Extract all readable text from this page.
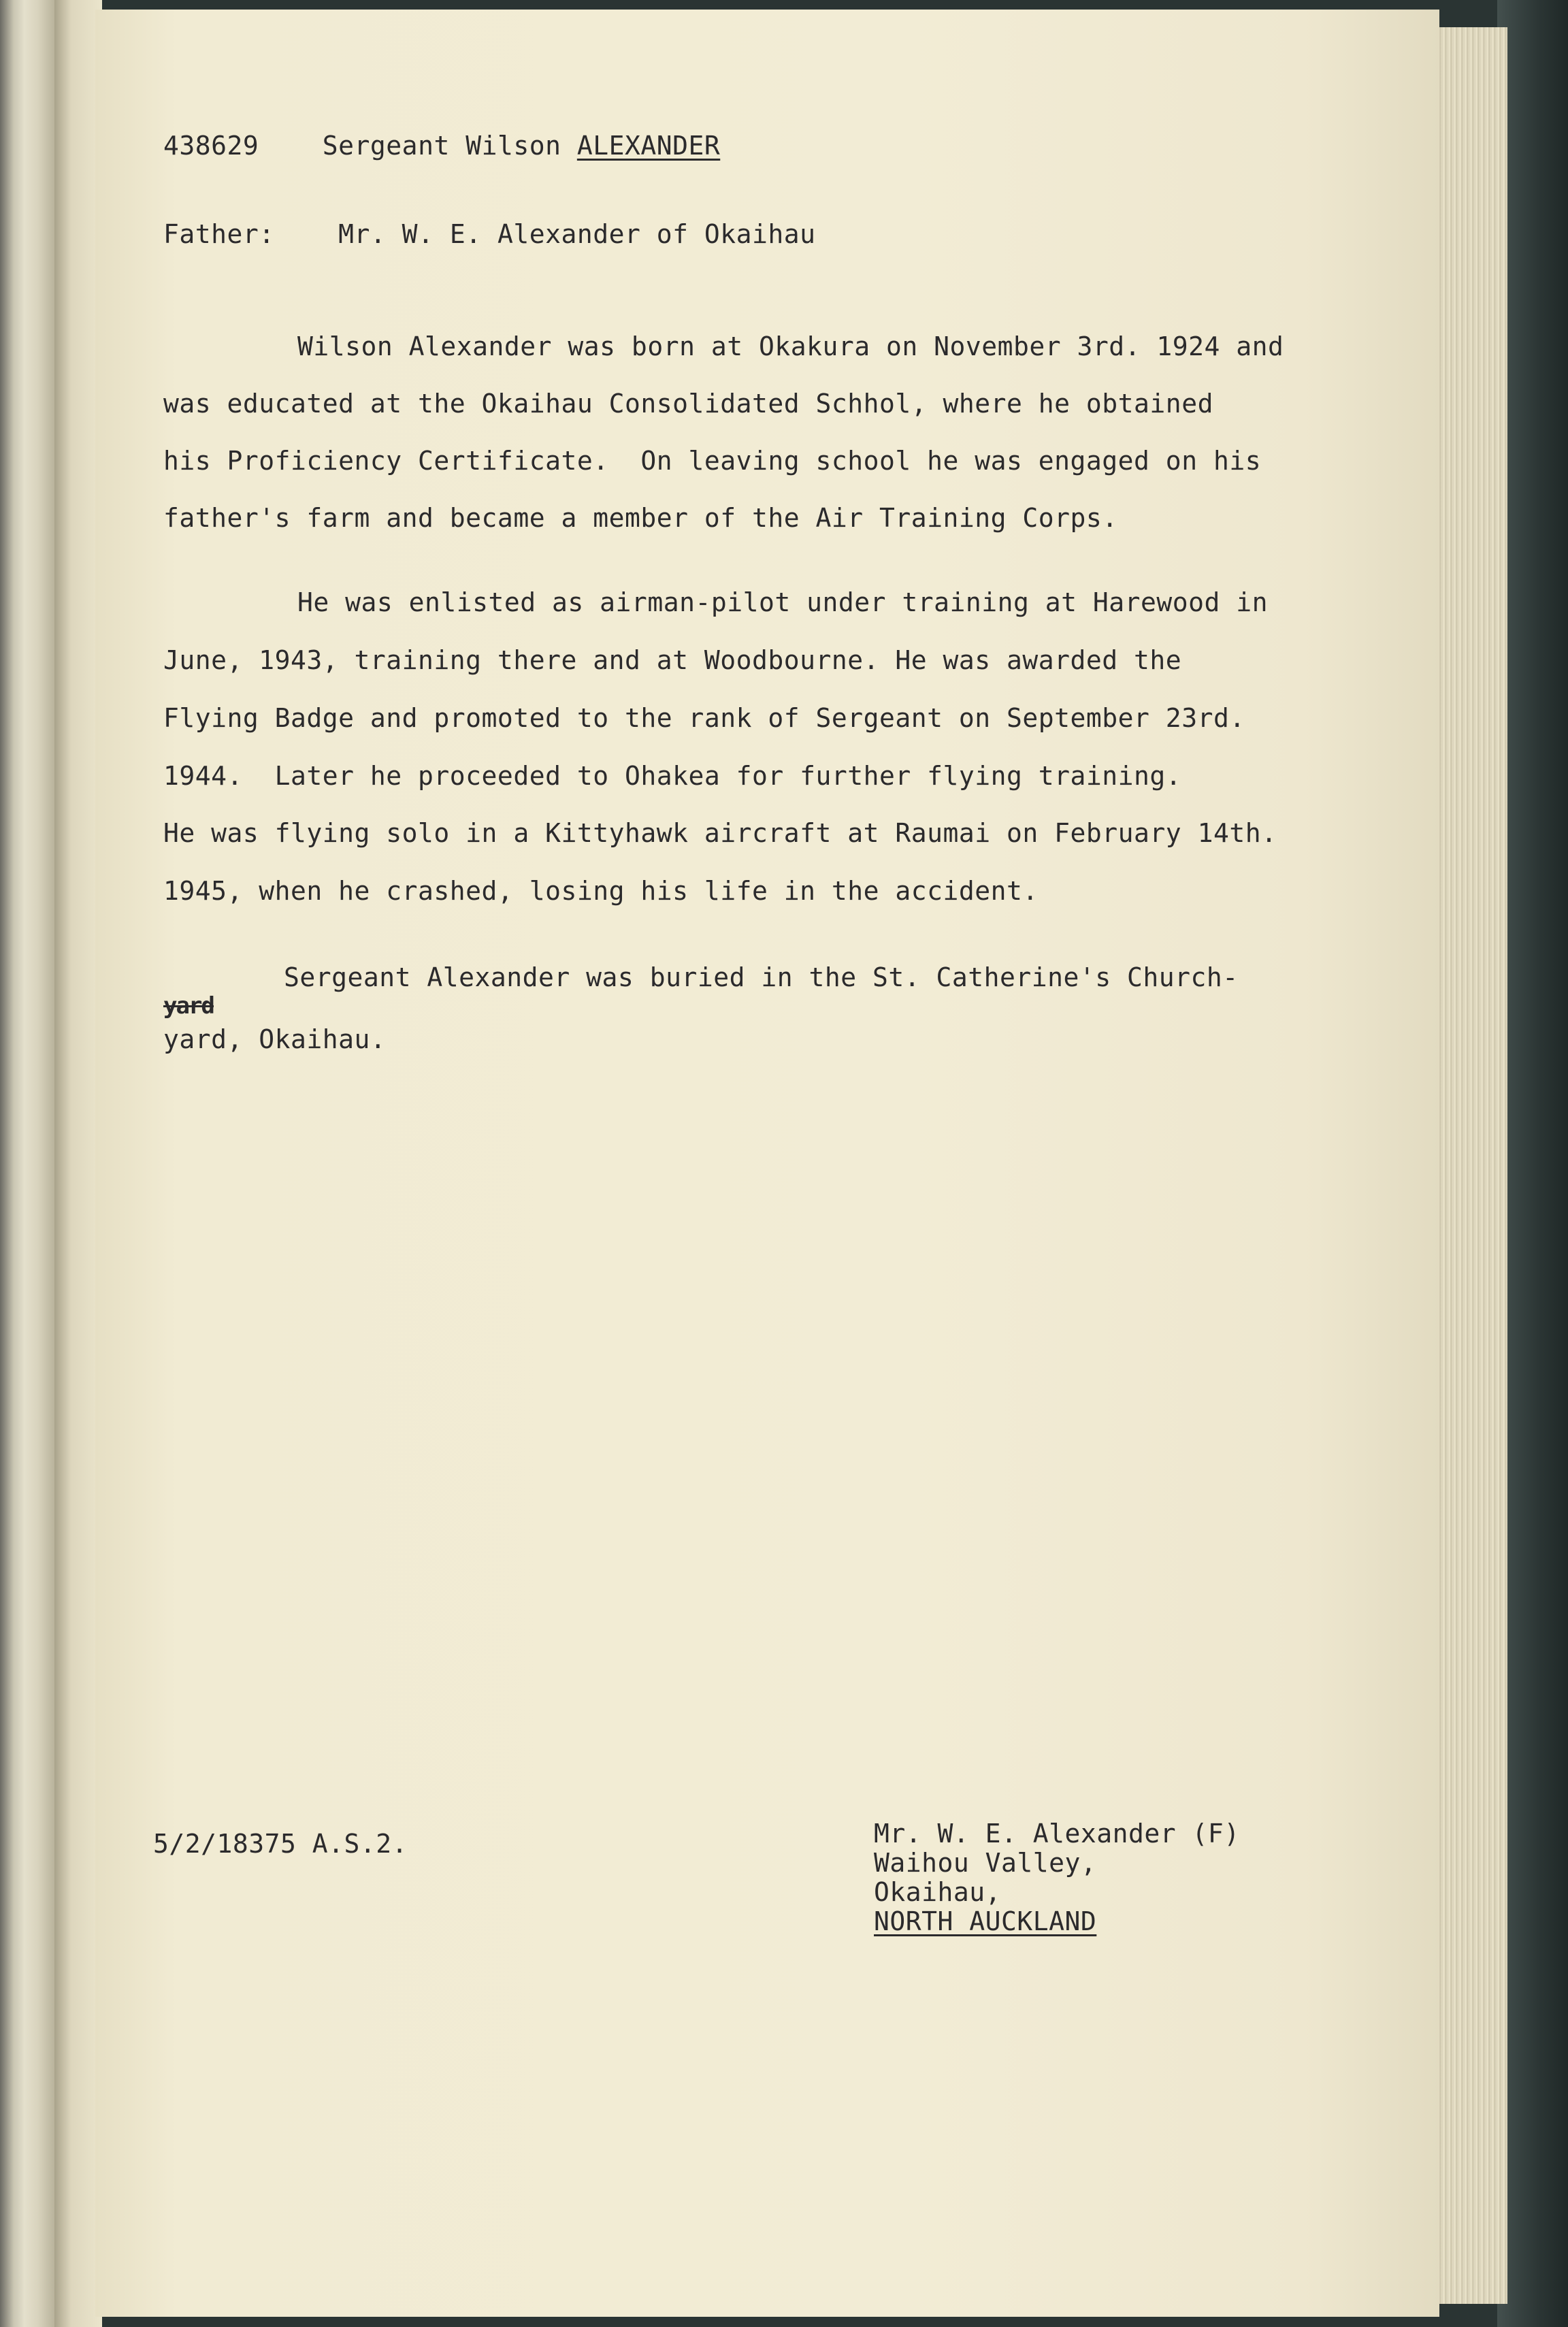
438629 Sergeant Wilson ALEXANDER
Father: Mr. W. E. Alexander of Okaihau
Wilson Alexander was born at Okakura on November 3rd. 1924 and
was educated at the Okaihau Consolidated Schhol, where he obtained
his Proficiency Certificate.  On leaving school he was engaged on his
father's farm and became a member of the Air Training Corps.
He was enlisted as airman-pilot under training at Harewood in
June, 1943, training there and at Woodbourne. He was awarded the
Flying Badge and promoted to the rank of Sergeant on September 23rd.
1944.  Later he proceeded to Ohakea for further flying training.
He was flying solo in a Kittyhawk aircraft at Raumai on February 14th.
1945, when he crashed, losing his life in the accident.
Sergeant Alexander was buried in the St. Catherine's Church-
yard
yard, Okaihau.
5/2/18375 A.S.2.	Mr. W. E. Alexander (F)
Waihou Valley,
Okaihau,
NORTH AUCKLAND
